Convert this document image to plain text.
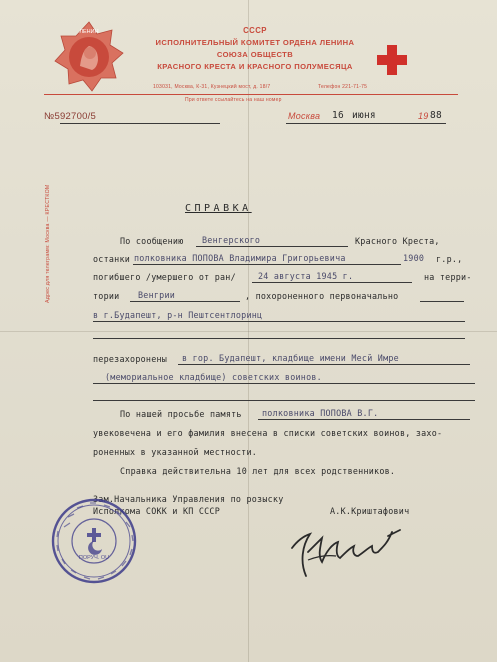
ЛЕНИН	СССР
ИСПОЛНИТЕЛЬНЫЙ КОМИТЕТ ОРДЕНА ЛЕНИНА
СОЮЗА ОБЩЕСТВ
КРАСНОГО КРЕСТА И КРАСНОГО ПОЛУМЕСЯЦА
103031, Москва, К-31, Кузнецкий мост, д. 18/7	Телефон 221-71-75
При ответе ссылайтесь на наш номер
№592700/5	Москва 16 июня	19 88
Адрес для телеграмм: Москва — КРЕСТКОМ	СПРАВКА
По сообщению Венгерского	Красного Креста,
останки полковника ПОПОВА Владимира Григорьевича	1900 г.р.,
погибшего /умершего от ран/	24 августа 1945 г.	на терри-
тории Венгрии	, похороненного первоначально
в г.Будапешт, р-н Пештсентлоринц
перезахоронены в гор. Будапешт, кладбище имени Месй Имре
(мемориальное кладбище) советских воинов.
По нашей просьбе память полковника ПОПОВА В.Г.
увековечена и его фамилия внесена в списки советских воинов, захо-
роненных в указанной местности.
Справка действительна 10 лет для всех родственников.
Зам.Начальника Управления по розыску
Исполкома СОКК и КП СССР	А.К.Криштафович
ПОРУЧ. ОU
